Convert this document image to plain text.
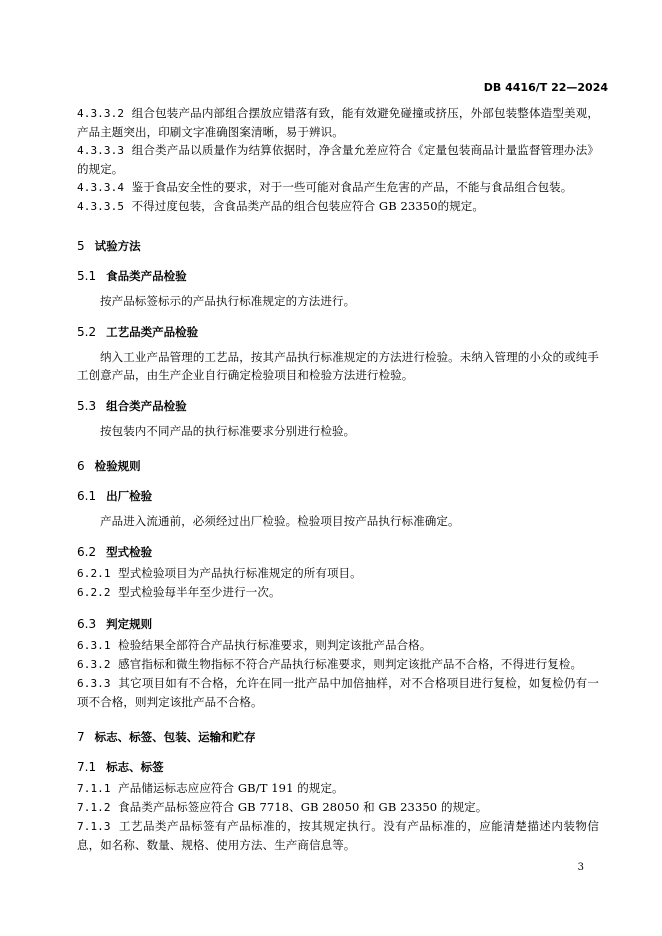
DB 4416/T 22—2024

4.3.3.2 组合包装产品内部组合摆放应错落有致，能有效避免碰撞或挤压，外部包装整体造型美观，产品主题突出，印刷文字准确图案清晰，易于辨识。

4.3.3.3 组合类产品以质量作为结算依据时，净含量允差应符合《定量包装商品计量监督管理办法》的规定。

4.3.3.4 鉴于食品安全性的要求，对于一些可能对食品产生危害的产品，不能与食品组合包装。

4.3.3.5 不得过度包装，含食品类产品的组合包装应符合 GB 23350的规定。

5 试验方法
5.1 食品类产品检验

按产品标签标示的产品执行标准规定的方法进行。

5.2 工艺品类产品检验

纳入工业产品管理的工艺品，按其产品执行标准规定的方法进行检验。未纳入管理的小众的或纯手工创意产品，由生产企业自行确定检验项目和检验方法进行检验。

5.3 组合类产品检验

按包装内不同产品的执行标准要求分别进行检验。

6 检验规则
6.1 出厂检验

产品进入流通前，必须经过出厂检验。检验项目按产品执行标准确定。

6.2 型式检验

6.2.1 型式检验项目为产品执行标准规定的所有项目。

6.2.2 型式检验每半年至少进行一次。

6.3 判定规则

6.3.1 检验结果全部符合产品执行标准要求，则判定该批产品合格。

6.3.2 感官指标和微生物指标不符合产品执行标准要求，则判定该批产品不合格，不得进行复检。

6.3.3 其它项目如有不合格，允许在同一批产品中加倍抽样，对不合格项目进行复检，如复检仍有一项不合格，则判定该批产品不合格。

7 标志、标签、包装、运输和贮存
7.1 标志、标签

7.1.1 产品储运标志应应符合 GB/T 191 的规定。

7.1.2 食品类产品标签应符合 GB 7718、GB 28050 和 GB 23350 的规定。

7.1.3 工艺品类产品标签有产品标准的，按其规定执行。没有产品标准的，应能清楚描述内装物信息，如名称、数量、规格、使用方法、生产商信息等。

3
